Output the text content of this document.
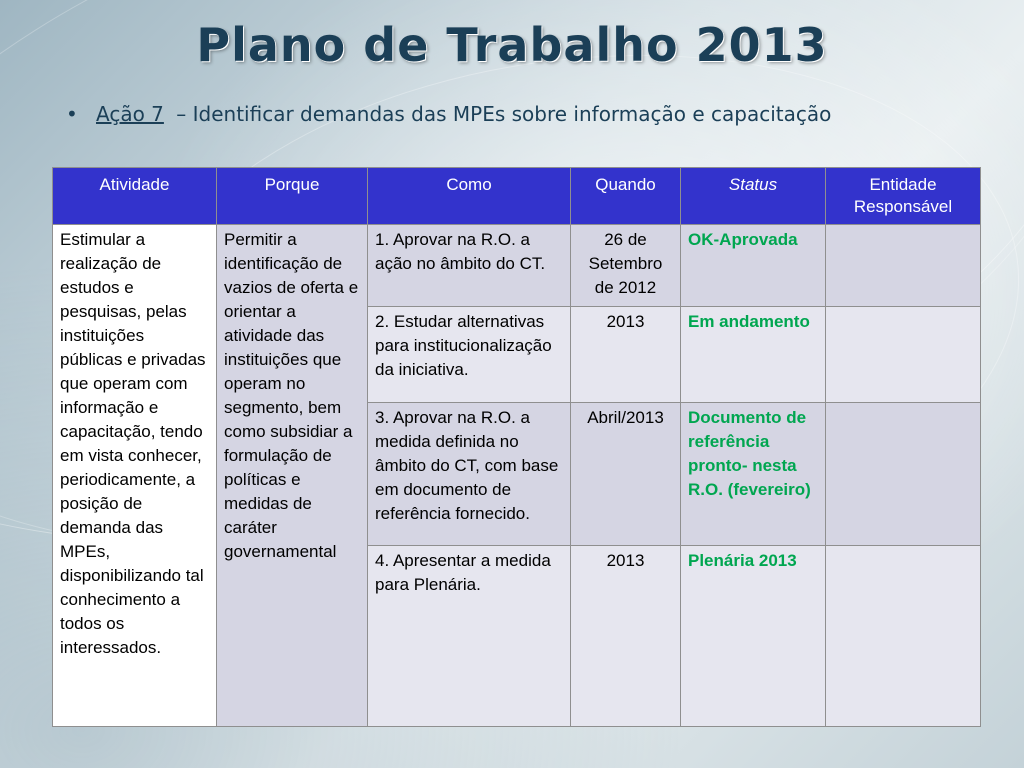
Plano de Trabalho 2013
• Ação 7 – Identificar demandas das MPEs sobre informação e capacitação
Atividade	Porque	Como	Quando	Status	Entidade Responsável
Estimular a realização de estudos e pesquisas, pelas instituições públicas e privadas que operam com informação e capacitação, tendo em vista conhecer, periodicamente, a posição de demanda das MPEs, disponibilizando tal conhecimento a todos os interessados.	Permitir a identificação de vazios de oferta e orientar a atividade das instituições que operam no segmento, bem como subsidiar a formulação de políticas e medidas de caráter governamental	1. Aprovar na R.O. a ação no âmbito do CT.	26 de Setembro de 2012	OK-Aprovada	
		2. Estudar alternativas para institucionalização da iniciativa.	2013	Em andamento	
		3. Aprovar na R.O. a medida definida no âmbito do CT, com base em documento de referência fornecido.	Abril/2013	Documento de referência pronto- nesta R.O. (fevereiro)	
		4. Apresentar a medida para Plenária.	2013	Plenária 2013	
